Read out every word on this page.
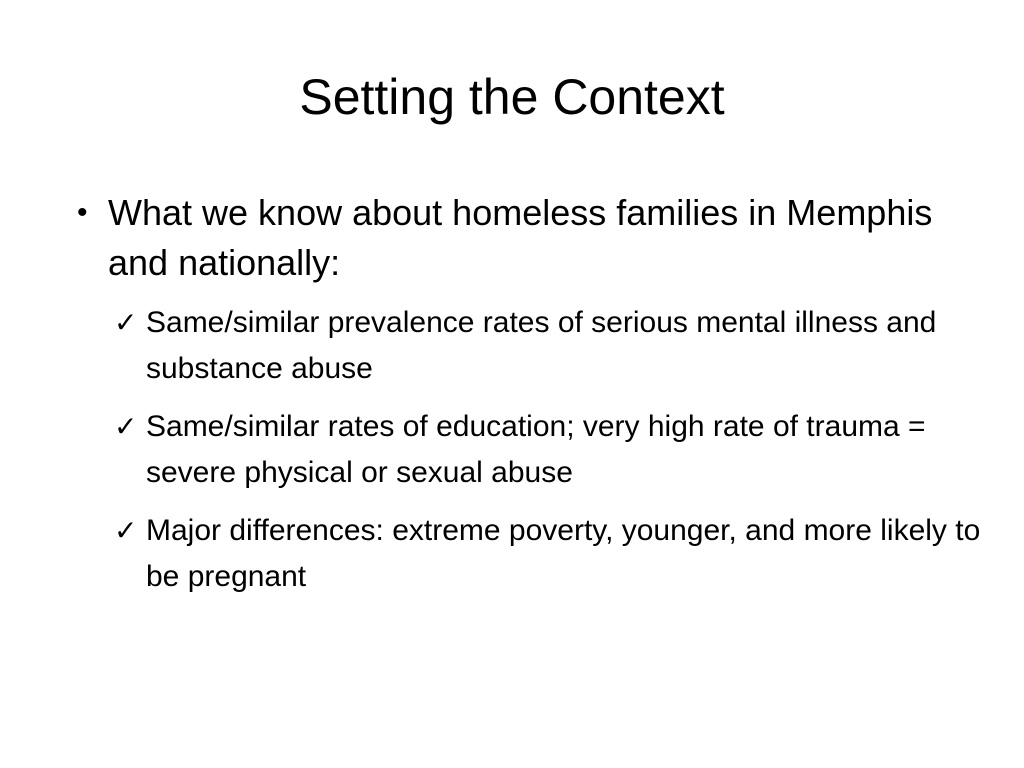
Setting the Context
• What we know about homeless families in Memphis and nationally:
✓ Same/similar prevalence rates of serious mental illness and substance abuse
✓ Same/similar rates of education; very high rate of trauma = severe physical or sexual abuse
✓ Major differences: extreme poverty, younger, and more likely to be pregnant
